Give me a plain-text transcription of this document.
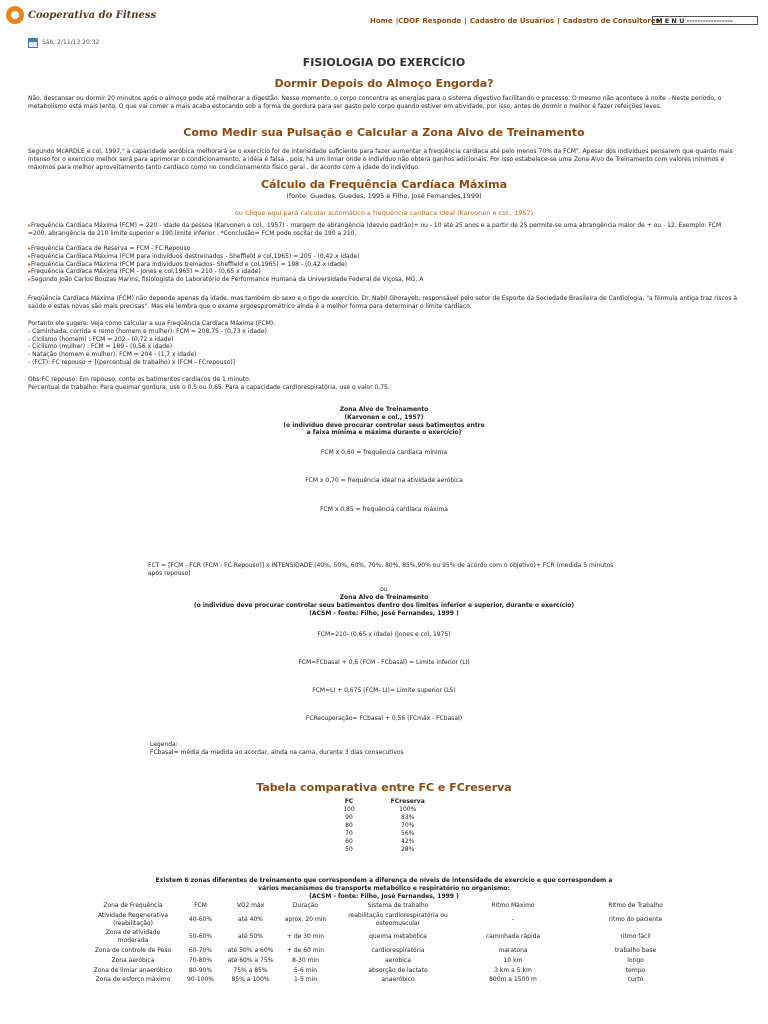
Cooperativa do Fitness
Home |CDOF Responde | Cadastro de Usuários | Cadastro de Consultores|
M E N U -----------------
Sáb, 2/11/13 20:32
FISIOLOGIA DO EXERCÍCIO
Dormir Depois do Almoço Engorda?

Não, descansar ou dormir 20 minutos após o almoço pode até melhorar a digestão. Nesse momento, o corpo concentra as energias para o sistema digestivo facilitando o processo. O mesmo não acontece à noite - Neste período, o metabolismo está mais lento. O que vai comer a mais acaba estocando sob a forma de gordura para ser gasto pelo corpo quando estiver em atividade, por isso, antes de dormir o melhor é fazer refeições leves.

Como Medir sua Pulsação e Calcular a Zona Alvo de Treinamento

Segundo McARDLE e col, 1997," a capacidade aeróbica melhorará se o exercício for de intensidade suficiente para fazer aumentar a freqüência cardíaca até pelo menos 70% da FCM". Apesar dos indivíduos pensarem que quanto mais intenso for o exercício melhor será para aprimorar o condicionamento, a idéia é falsa , pois, há um limiar onde o indivíduo não obterá ganhos adicionais. Por isso estabelece-se uma Zona Alvo de Treinamento com valores mínimos e máximos para melhor aproveitamento tanto cardíaco como no condicionamento físico geral , de acordo com a idade do indivíduo.

Cálculo da Frequência Cardíaca Máxima
(fonte: Guedes, Guedes, 1995 e Filho, José Fernandes,1999)
ou Clique aqui para calcular automático a frequência cardíaca ideal (Karvonen e col., 1957)

▸ Frequência Cardíaca Máxima (FCM) = 220 - idade da pessoa (Karvonen e col., 1957) - margem de abrangência (desvio padrão)+ ou - 10 até 25 anos e a partir de 25 permite-se uma abrangência maior de + ou - 12. Exemplo: FCM =200, abrangência de 210 limite superior e 190 limite inferior . *Conclusão= FCM pode oscilar de 190 a 210.

▸ Frequência Cardíaca de Reserva = FCM - FC Repouso

▸ Frequência Cardíaca Máxima (FCM para indivíduos destreinados - Sheffield e col,1965) = 205 - (0,42 x idade)

▸ Frequência Cardíaca Máxima (FCM para indivíduos treinados- Sheffield e col,1965) = 198 - (0,42 x idade)

▸ Frequência Cardíaca Máxima (FCM - Jones e col,1965) = 210 - (0,65 x idade)

▸ Segundo João Carlos Bouzas Marins, fisiologista do Laboratório de Performance Humana da Universidade Federal de Viçosa, MG. A

Freqüência Cardíaca Máxima (FCM) não depende apenas da idade, mas também do sexo e o tipo de exercício. Dr. Nabil Ghorayeb, responsável pelo setor de Esporte da Sociedade Brasileira de Cardiologia, "a fórmula antiga traz riscos à saúde e estas novas são mais precisas". Mas ele lembra que o exame ergoespirométrico ainda é a melhor forma para determinar o limite cardíaco.

Portanto ele sugere: Veja como calcular a sua Freqüência Cardíaca Máxima (FCM):

- Caminhada, corrida e remo (homem e mulher): FCM = 208,75 - (0,73 x idade)

- Ciclismo (homem) : FCM = 202 - (0,72 x idade)

- Ciclismo (mulher) : FCM = 189 - (0,56 x idade)

- Natação (homem e mulher): FCM = 204 - (1,7 x idade)

- (FCT): FC repouso + [(percentual de trabalho) x (FCM - FCrepouso)]

Obs:FC repouso: Em repouso, conte os batimentos cardíacos de 1 minuto.

Percentual de trabalho: Para queimar gordura, use o 0,5 ou 0,65. Para a capacidade cardiorespiratória, use o valor 0,75.

Zona Alvo de Treinamento

(Karvonen e col., 1957)

(o indivíduo deve procurar controlar seus batimentos entre

a faixa mínima e máxima durante o exercício)

FCM x 0,60 = frequência cardíaca mínima

FCM x 0,70 = frequência ideal na atividade aeróbica

FCM x 0,85 = frequência cardíaca máxima

FCT = [FCM - FCR (FCM - FC Repouso)] x INTENSIDADE (40%, 50%, 60%, 70%, 80%, 85%,90% ou 95% de acordo com o objetivo)+ FCR (medida 5 minutos após repouso)

ou

Zona Alvo de Treinamento

(o indivíduo deve procurar controlar seus batimentos dentro dos limites inferior e superior, durante o exercício)

(ACSM - fonte: Filho, José Fernandes, 1999 )

FCM=210- (0,65 x idade) (Jones e col, 1975)

FCM=FCbasal + 0,6 (FCM - FCbasal) = Limite inferior (LI)

FCM=LI + 0,675 (FCM- LI)= Limite superior (LS)

FCRecuperação= FCbasal + 0,56 (FCmáx - FCbasal)

Legenda:

FCbasal= média da medida ao acordar, ainda na cama, durante 3 dias consecutivos

Tabela comparativa entre FC e FCreserva
FC	FCreserva
100	100%
90	83%
80	70%
70	56%
60	42%
50	28%

Existem 6 zonas diferentes de treinamento que correspondem a diferença de níveis de intensidade de exercício e que correspondem a

vários mecanismos de transporte metabólico e respiratório no organismo:

(ACSM - fonte: Filho, José Fernandes, 1999 )

Zona de Frequência	FCM	VO2 máx	Duração	Sistema de trabalho	Ritmo Máximo	Ritmo de Trabalho
Atividade Regenerativa (reabilitação)	40-60%	até 40%	aprox. 20 min	reabilitação cardiorespiratória ou osteomuscular	-	ritmo do paciente
Zona de atividade moderada	50-60%	até 50%	+ de 30 min	queima metabólica	caminhada rápida	ritmo fácil
Zona de controle de Peso	60-70%	até 50% a 60%	+ de 60 min	cardiorespiratória	maratona	trabalho base
Zona aeróbica	70-80%	até 60% a 75%	8-30 min	aeróbica	10 km	longo
Zona de limiar anaeróbico	80-90%	75% a 85%	5-6 min	absorção de lactato	3 km a 5 km	tempo
Zona de esforço máximo	90-100%	85% a 100%	1-5 min	anaeróbico	800m a 1500 m	curto
